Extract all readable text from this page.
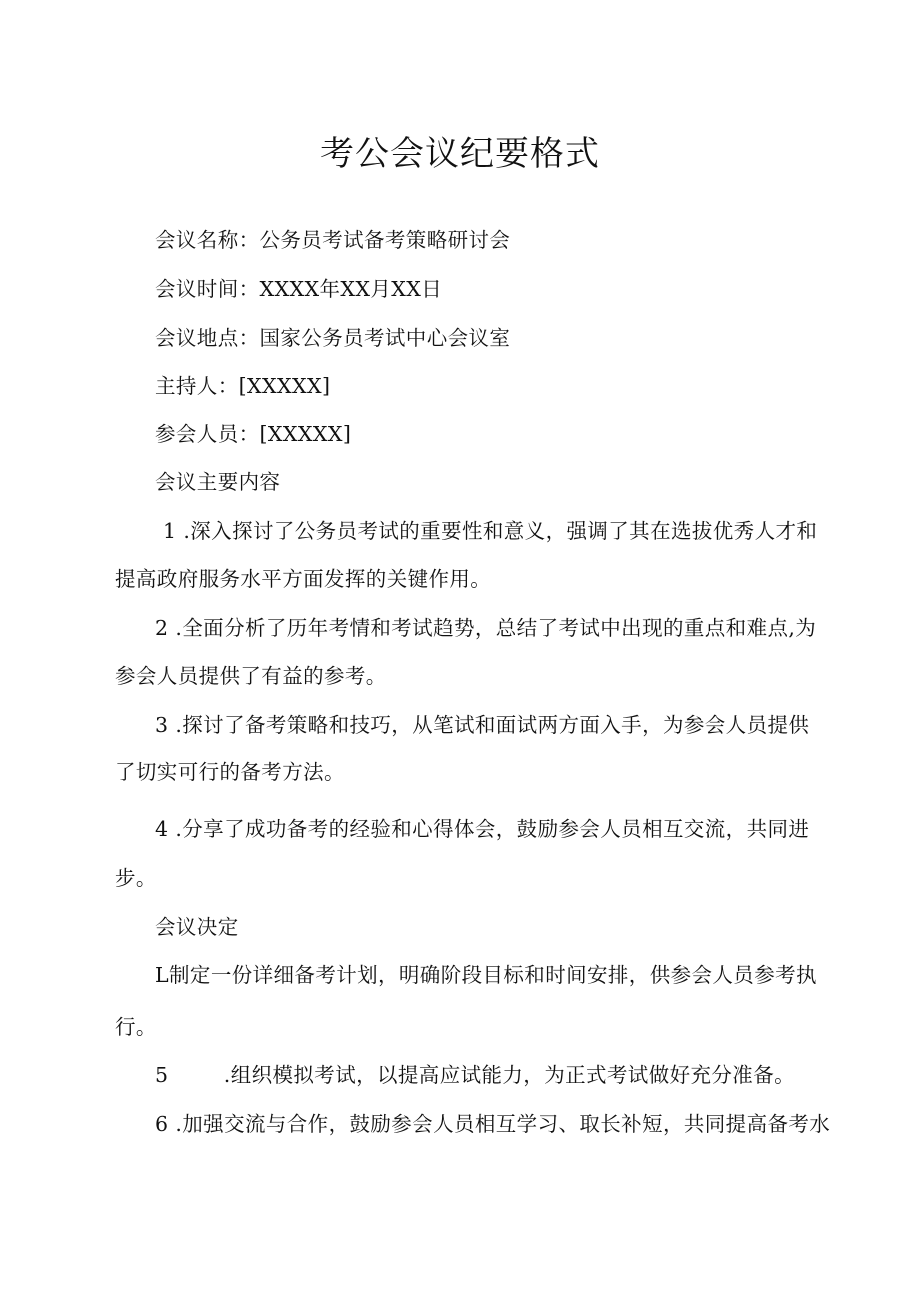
考公会议纪要格式
会议名称：公务员考试备考策略研讨会
会议时间：XXXX年XX月XX日
会议地点：国家公务员考试中心会议室
主持人：[XXXXX]
参会人员：[XXXXX]
会议主要内容
1 .深入探讨了公务员考试的重要性和意义，强调了其在选拔优秀人才和
提高政府服务水平方面发挥的关键作用。
2 .全面分析了历年考情和考试趋势，总结了考试中出现的重点和难点,为
参会人员提供了有益的参考。
3 .探讨了备考策略和技巧，从笔试和面试两方面入手，为参会人员提供
了切实可行的备考方法。
4 .分享了成功备考的经验和心得体会，鼓励参会人员相互交流，共同进
步。
会议决定
L制定一份详细备考计划，明确阶段目标和时间安排，供参会人员参考执
行。
5        .组织模拟考试，以提高应试能力，为正式考试做好充分准备。
6 .加强交流与合作，鼓励参会人员相互学习、取长补短，共同提高备考水
